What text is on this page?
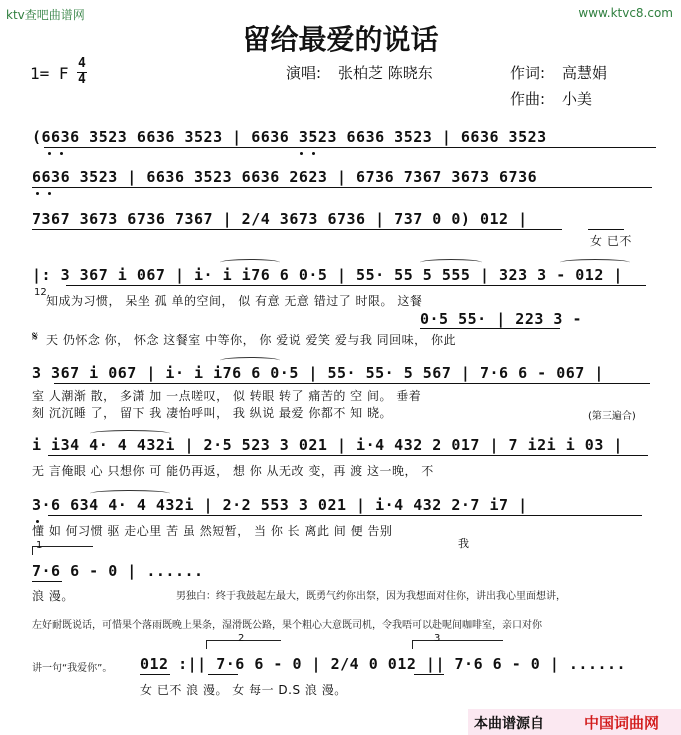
ktv查吧曲谱网	www.ktvc8.com
留给最爱的说话
1= F
4
4	演唱: 张柏芝 陈晓东	作词: 高慧娟
作曲: 小美
(6636 3523 6636 3523 | 6636 3523 6636 3523 | 6636 3523
6636 3523 | 6636 3523 6636 2623 | 6736 7367 3673 6736
7367 3673 6736 7367 | 2/4 3673 6736 | 737 0 0) 012 |
女 已不
|: 3 367 i 067 | i· i i76 6 0·5 | 55· 55 5 555 | 323 3 - 012 |
12
知成为习惯， 呆坐 孤 单的空间， 似 有意 无意 错过了 时限。 这餐
𝄋
0·5 55· | 223 3 -
天 仍怀念 你， 怀念 这餐室 中等你， 你 爱说 爱笑 爱与我 同回味， 你此
3 367 i 067 | i· i i76 6 0·5 | 55· 55· 5 567 | 7·6 6 - 067 |
室 人潮渐 散， 多潇 加 一点嗟叹， 似 转眼 转了 痛苦的 空 间。 垂着
刻 沉沉睡 了， 留下 我 凄怡呼叫， 我 纵说 最爱 你都不 知 晓。	(第三遍合)
i i34 4· 4 432i | 2·5 523 3 021 | i·4 432 2 017 | 7 i2i i 03 |
无 言俺眼 心 只想你 可 能仍再返， 想 你 从无改 变，再 渡 这一晚， 不
3·6 634 4· 4 432i | 2·2 553 3 021 | i·4 432 2·7 i7 |
懂 如 何习惯 驱 走心里 苦 虽 然短暂， 当 你 长 离此 间 便 告别
我
1
7·6 6 - 0 | ......
浪 漫。	男独白：终于我鼓起左最大，既勇气约你出祭，因为我想面对住你，讲出我心里面想讲，
左好耐既说话，可惜果个落雨既晚上果条，湿滑既公路，果个粗心大意既司机，令我唔可以赴呢间咖啡室，亲口对你
讲一句“我爱你”。
2	3
012 :|| 7·6 6 - 0 | 2/4 0 012 || 7·6 6 - 0 | ......
女 已不 浪 漫。 女 每一 D.S 浪 漫。
本曲谱源自	中国词曲网
